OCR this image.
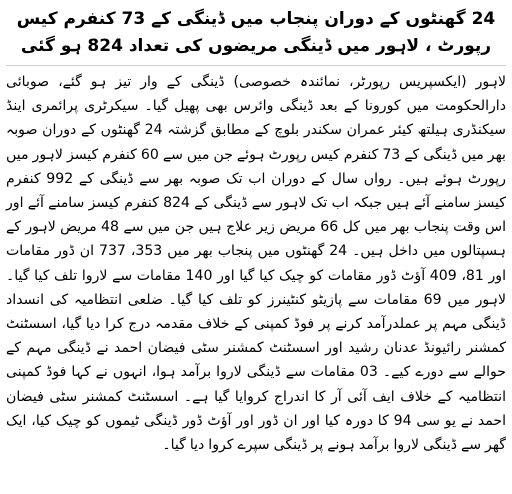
24 گھنٹوں کے دوران پنجاب میں ڈینگی کے 73 کنفرم کیس رپورٹ ، لاہور میں ڈینگی مریضوں کی تعداد 824 ہو گئی

لاہور (ایکسپریس رپورٹر، نمائندہ خصوصی) ڈینگی کے وار تیز ہو گئے، صوبائی دارالحکومت میں کورونا کے بعد ڈینگی وائرس بھی پھیل گیا۔ سیکرٹری پرائمری اینڈ سیکنڈری ہیلتھ کیئر عمران سکندر بلوچ کے مطابق گزشتہ 24 گھنٹوں کے دوران صوبہ بھر میں ڈینگی کے 73 کنفرم کیس رپورٹ ہوئے جن میں سے 60 کنفرم کیسز لاہور میں رپورٹ ہوئے ہیں۔ رواں سال کے دوران اب تک صوبہ بھر سے ڈینگی کے 992 کنفرم کیسز سامنے آئے ہیں جبکہ اب تک لاہور سے ڈینگی کے 824 کنفرم کیسز سامنے آئے اور اس وقت پنجاب بھر میں کل 66 مریض زیر علاج ہیں جن میں سے 48 مریض لاہور کے ہسپتالوں میں داخل ہیں۔ 24 گھنٹوں میں پنجاب بھر میں 353، 737 ان ڈور مقامات اور 81، 409 آؤٹ ڈور مقامات کو چیک کیا گیا اور 140 مقامات سے لاروا تلف کیا گیا۔ لاہور میں 69 مقامات سے پازیٹو کنٹینرز کو تلف کیا گیا۔ ضلعی انتظامیہ کی انسداد ڈینگی مہم پر عملدرآمد کرنے پر فوڈ کمپنی کے خلاف مقدمہ درج کرا دیا گیا، اسسٹنٹ کمشنر رائیونڈ عدنان رشید اور اسسٹنٹ کمشنر سٹی فیضان احمد نے ڈینگی مہم کے حوالے سے دورے کیے۔ 03 مقامات سے ڈینگی لاروا برآمد ہوا، انہوں نے کہا فوڈ کمپنی انتظامیہ کے خلاف ایف آئی آر کا اندراج کروایا گیا ہے۔ اسسٹنٹ کمشنر سٹی فیضان احمد نے یو سی 94 کا دورہ کیا اور ان ڈور اور آؤٹ ڈور ڈینگی ٹیموں کو چیک کیا، ایک گھر سے ڈینگی لاروا برآمد ہونے پر ڈینگی سپرے کروا دیا گیا۔
